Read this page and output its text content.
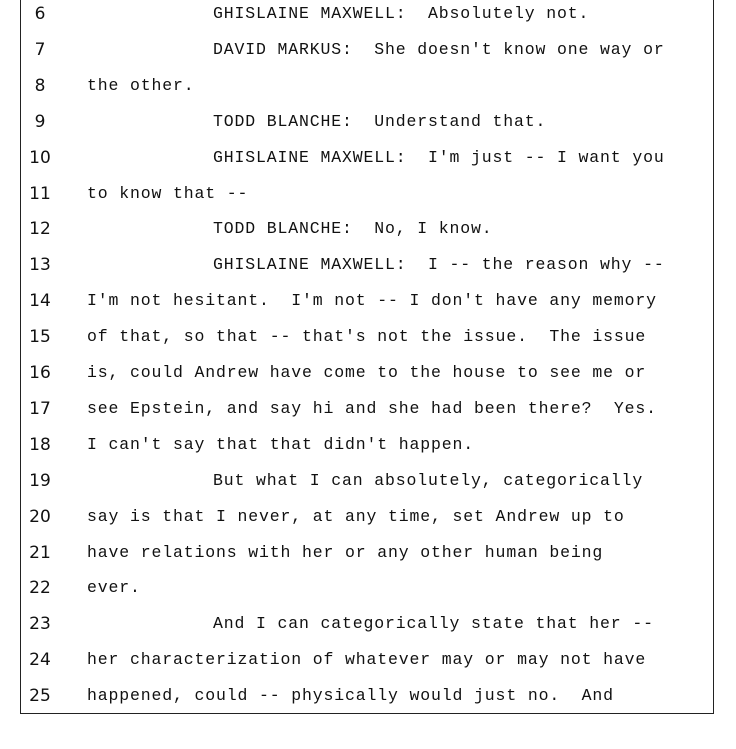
6	GHISLAINE MAXWELL:  Absolutely not.
7	DAVID MARKUS:  She doesn't know one way or
8	the other.
9	TODD BLANCHE:  Understand that.
10	GHISLAINE MAXWELL:  I'm just -- I want you
11	to know that --
12	TODD BLANCHE:  No, I know.
13	GHISLAINE MAXWELL:  I -- the reason why --
14	I'm not hesitant.  I'm not -- I don't have any memory
15	of that, so that -- that's not the issue.  The issue
16	is, could Andrew have come to the house to see me or
17	see Epstein, and say hi and she had been there?  Yes.
18	I can't say that that didn't happen.
19	But what I can absolutely, categorically
20	say is that I never, at any time, set Andrew up to
21	have relations with her or any other human being
22	ever.
23	And I can categorically state that her --
24	her characterization of whatever may or may not have
25	happened, could -- physically would just no.  And
